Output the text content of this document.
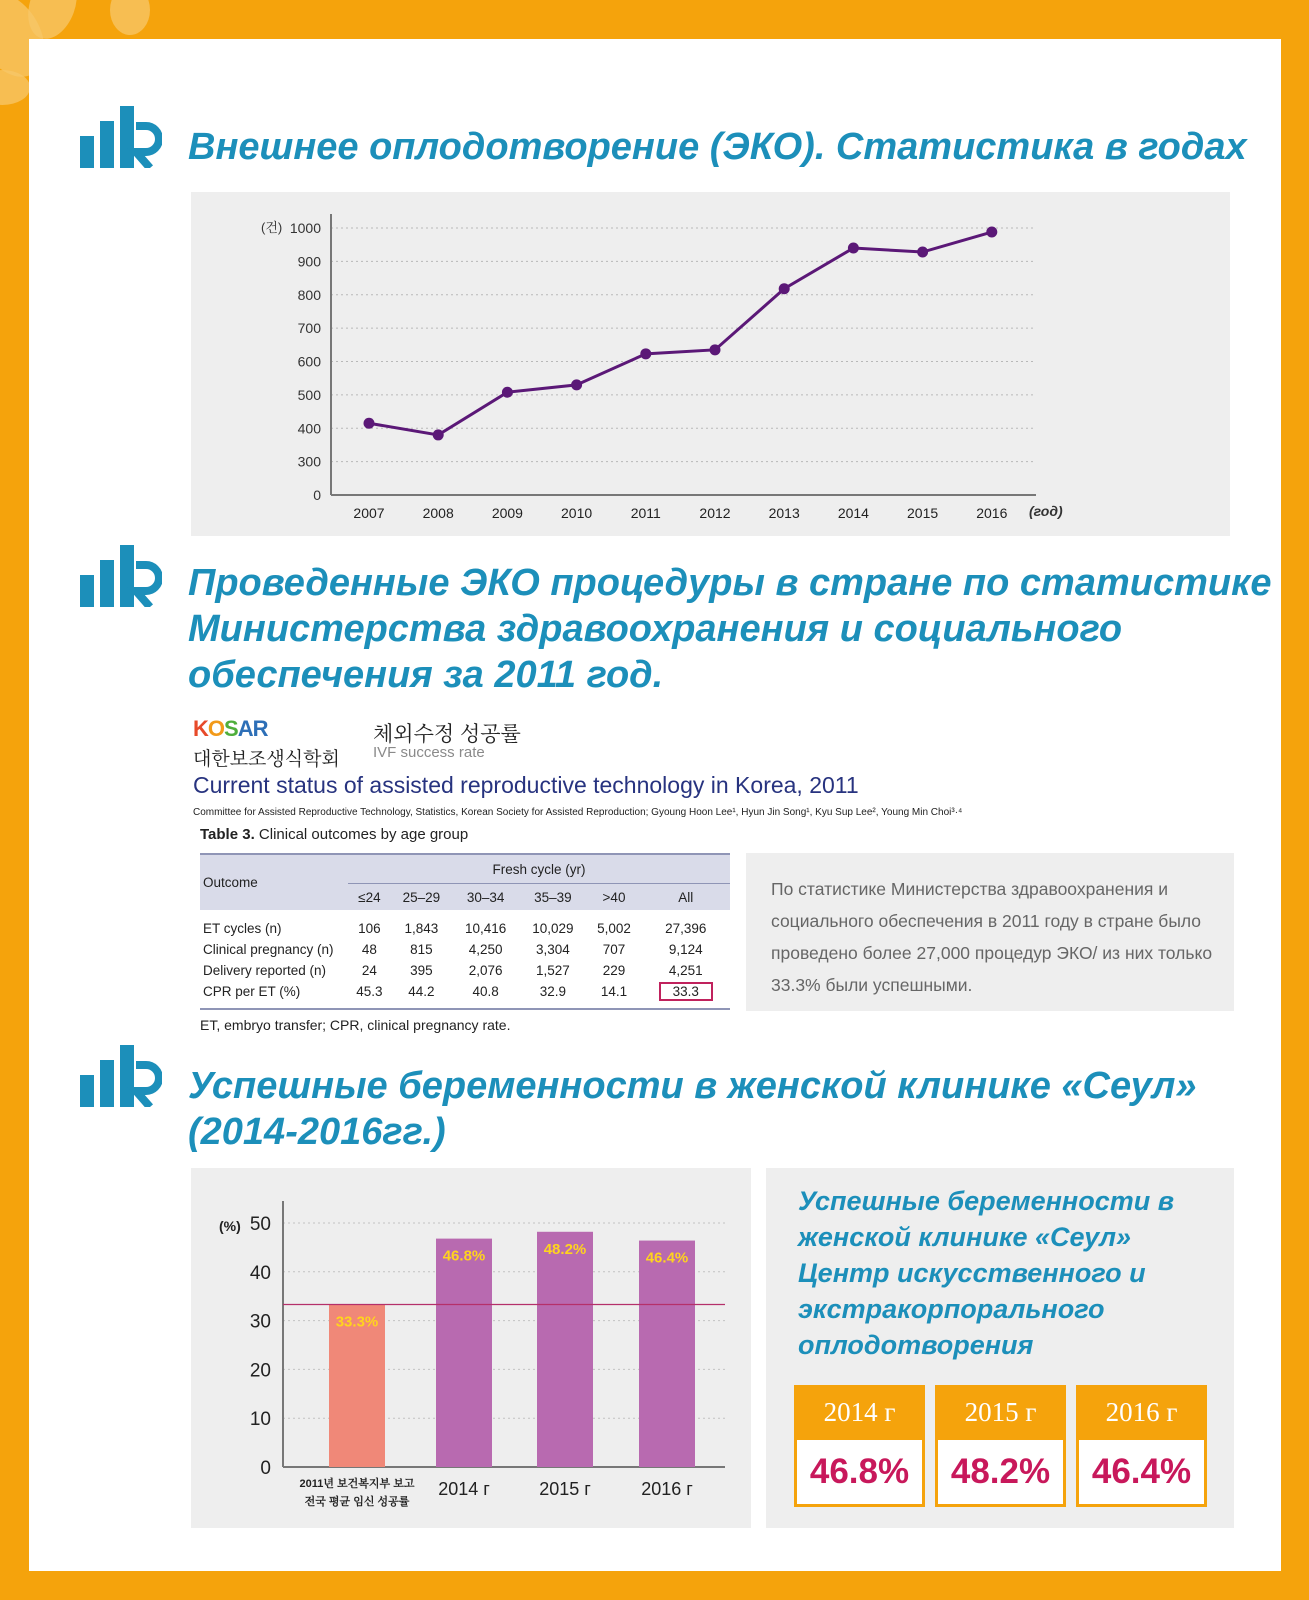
Внешнее оплодотворение (ЭКО). Статистика в годах
1000
900
800
700
600
500
400
300
0
(건)
2007	2008	2009	2010	2011	2012	2013	2014	2015	2016 (год)
Проведенные ЭКО процедуры в стране по статистике
Министерства здравоохранения и социального
обеспечения за 2011 год.
KOSAR
대한보조생식학회
체외수정 성공률
IVF success rate
Current status of assisted reproductive technology in Korea, 2011
Committee for Assisted Reproductive Technology, Statistics, Korean Society for Assisted Reproduction; Gyoung Hoon Lee¹, Hyun Jin Song¹, Kyu Sup Lee², Young Min Choi³·⁴
Table 3. Clinical outcomes by age group
Outcome	Fresh cycle (yr)					
	≤24	25–29	30–34	35–39	>40	All
ET cycles (n)	106	1,843	10,416	10,029	5,002	27,396
Clinical pregnancy (n)	48	815	4,250	3,304	707	9,124
Delivery reported (n)	24	395	2,076	1,527	229	4,251
CPR per ET (%)	45.3	44.2	40.8	32.9	14.1	33.3
ET, embryo transfer; CPR, clinical pregnancy rate.

По статистике Министерства здравоохранения и социального обеспечения в 2011 году в стране было проведено более 27,000 процедур ЭКО/ из них только 33.3% были успешными.

Успешные беременности в женской клинике «Сеул»
(2014-2016гг.)
50
40
30
20
10
0
(%)
33.3%
46.8%	48.2%
46.4%
2011년 보건복지부 보고
전국 평균 임신 성공률
2014 г	2015 г	2016 г
Успешные беременности в женской клинике «Сеул» Центр искусственного и экстракорпорального оплодотворения
2014 г
46.8%
2015 г
48.2%
2016 г
46.4%
